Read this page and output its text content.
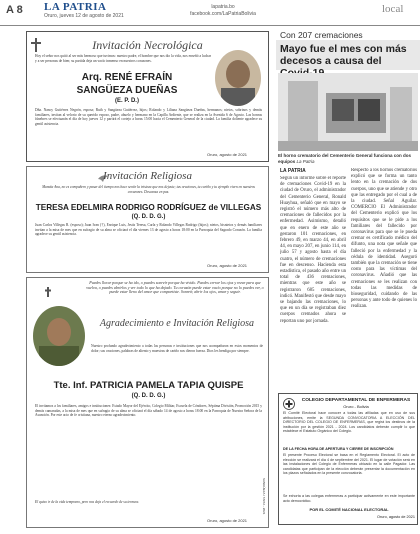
A 8 LA PATRIA
Oruro, jueves 12 de agosto de 2021
lapatria.bo
facebook.com/LaPatriaBolivia	local
Invitación Necrológica
Hoy el señor nos quitó al ser más hermoso que tuvimos: nuestro padre, el hombre que nos dio la vida, nos enseñó a luchar y a ser personas de bien; su partida deja un vacío inmenso en nuestros corazones.
Arq. RENÉ EFRAÍN
SANGÜEZA DUEÑAS
(E. P. D.)
Dña. Nancy Gutiérrez Negrón, esposa; Ruth y Sangüeza Gutiérrez, hijos; Rolando y Liliana Sangüeza Dueñas, hermanos; nietos, sobrinos y demás familiares, invitan al velorio de su querido esposo, padre, abuelo y hermano en la Capilla Ardiente, que se realiza en la Avenida 6 de Agosto. Las honras fúnebres se efectuarán el día de hoy jueves 12 y partirá el cortejo a horas 15:00 hacia el Cementerio General de la ciudad. La familia doliente agradece su gentil asistencia.
Oruro, agosto de 2021
Invitación Religiosa
Mamita Ana, no es compañero y pasar del tiempo nos hace sentir la tristeza que nos dejaste; tus oraciones, tu cariño y tu ejemplo viven en nuestros corazones. Descansa en paz.
TERESA EDELMIRA RODRIGO RODRÍGUEZ de VILLEGAS
(Q. D. D. G.)
Juan Carlos Villegas R. (esposo); Juan Ivan (†), Enrique Luis, Jesús Teresa, Carla y Rolando Villegas Rodrigo (hijos); nietos, bisnietos y demás familiares invitan a la misa de mes que en sufragio de su alma se oficiará el día viernes 13 de agosto a horas 18:00 en la Parroquia del Sagrado Corazón. La familia agradece su gentil asistencia.
Oruro, agosto de 2021
Puedes llorar porque se ha ido, o puedes sonreír porque ha vivido. Puedes cerrar los ojos y rezar para que vuelva, o puedes abrirlos y ver todo lo que ha dejado. Tu corazón puede estar vacío porque no lo puedes ver, o puede estar lleno del amor que compartiste. Sonreír, abrir los ojos, amar y seguir.
Agradecimiento e Invitación Religiosa
Nuestro profundo agradecimiento a todas las personas e instituciones que nos acompañaron en estos momentos de dolor; sus oraciones, palabras de aliento y muestras de cariño nos dieron fuerza. Dios les bendiga por siempre.
Tte. Inf. PATRICIA PAMELA TAPIA QUISPE
(Q. D. D. G.)
El invitamos a los familiares, amigos e instituciones: Estado Mayor del Ejército, Colegio Militar, Escuela de Cóndores, Séptima División, Promoción 2015 y demás camaradas, a la misa de mes que en sufragio de su alma se oficiará el día sábado 14 de agosto a horas 18:00 en la Parroquia de Nuestra Señora de la Asunción. Por este acto de fe cristiana, nuestro eterno agradecimiento.
El quiso ir de la vida temprano, pero nos deja el recuerdo de su ternura.
Oruro, agosto de 2021
SANGÜEZA / TAPIA - 2021
Con 207 cremaciones
Mayo fue el mes con más decesos a causa del
El horno crematorio del Cementerio General funciona con dos equipos La Patria
LA PATRIA
Según un informe sobre el reporte de cremaciones Covid-19 en la ciudad de Oruro, el administrador del Cementerio General, Ronald Huayhua, señaló que en mayo se registró el número más alto de cremaciones de fallecidos por la enfermedad. Asimismo, detalló que en enero de este año se gestaron 101 cremaciones, en febrero 49, en marzo 44, en abril 44, en mayo 207, en junio 114, en julio 57 y agosto hasta el día cuatro, el número de cremaciones fue en descenso. Hacienda esta estadística, el pasado año entre un total de 436 cremaciones, mientras que este año se registraron 685 cremaciones, indicó. Manifestó que desde mayo se bajando las cremaciones, lo que en un día se registraban diez cuerpos cremados ahora se reportan uno por jornada.
Respecto a los hornos crematorios explicó que se forma un tanto lento en la cremación de dos cuerpos, uno que se atiende y otro que las entregado por el cual a de la ciudad. Señal Aguilar. COMERCIO El Administrador del Cementerio explicó que los requisitos que se le pide a los familiares del fallecido por coronavirus para que se le pueda cremar es certificado médico del difunto, una nota que señale que falleció por la enfermedad y la cédula de identidad. Aseguró también que la cremación se tiene costo para las víctimas del coronavirus. Añadió que las cremaciones se les realizan con todas las medidas de bioseguridad, cuidando de las personas y ante todo de quienes lo realizan.
COLEGIO DEPARTAMENTAL DE ENFERMERAS
Oruro - Bolivia
El Comité Electoral hace conocer a todas las afiliadas que en uso de sus atribuciones, emite la SEGUNDA CONVOCATORIA A ELECCIÓN DEL DIRECTORIO DEL COLEGIO DE ENFERMERAS, que regirá los destinos de la institución por la gestión 2021 - 2024. Los candidatos deberán cumplir lo que establece el Estatuto Orgánico del Colegio.
DE LA FECHA HORA DE APERTURA Y CIERRE DE INSCRIPCIÓN
El presente Proceso Electoral se basa en el Reglamento Electoral. El acto de elección se realizará el día 4 de septiembre del 2021. El lugar de votación será en las instalaciones del Colegio de Enfermeras ubicado en la calle Pagador. Las candidatas que participan de la elección deberán presentar la documentación en los plazos señalados en la presente convocatoria.
Se exhorta a las colegas enfermeras a participar activamente en este importante acto democrático.
POR EL COMITÉ NACIONAL ELECTORAL
Oruro, agosto de 2021
